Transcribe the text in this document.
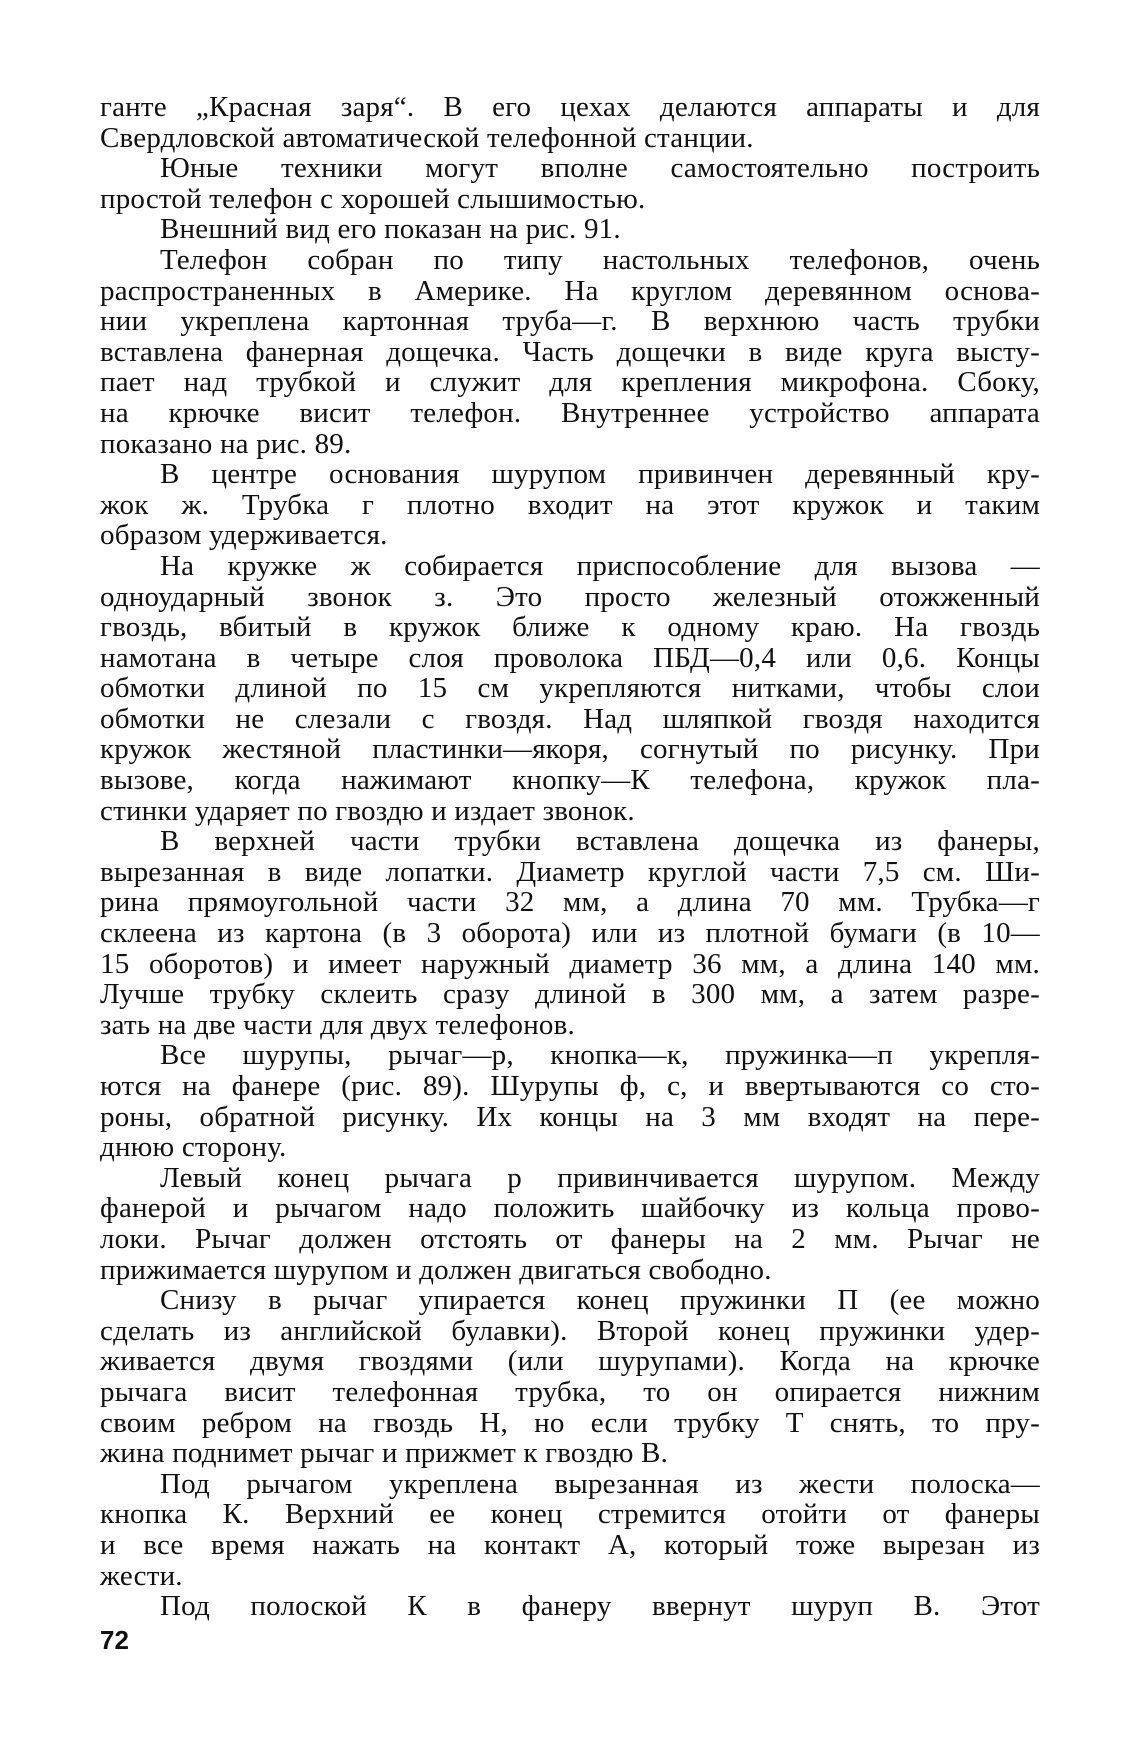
ганте „Красная заря“. В его цехах делаются аппараты и для
Свердловской автоматической телефонной станции.
Юные техники могут вполне самостоятельно построить
простой телефон с хорошей слышимостью.
Внешний вид его показан на рис. 91.
Телефон собран по типу настольных телефонов, очень
распространенных в Америке. На круглом деревянном основа-
нии укреплена картонная труба—г. В верхнюю часть трубки
вставлена фанерная дощечка. Часть дощечки в виде круга высту-
пает над трубкой и служит для крепления микрофона. Сбоку,
на крючке висит телефон. Внутреннее устройство аппарата
показано на рис. 89.
В центре основания шурупом привинчен деревянный кру-
жок ж. Трубка г плотно входит на этот кружок и таким
образом удерживается.
На кружке ж собирается приспособление для вызова —
одноударный звонок з. Это просто железный отожженный
гвоздь, вбитый в кружок ближе к одному краю. На гвоздь
намотана в четыре слоя проволока ПБД—0,4 или 0,6. Концы
обмотки длиной по 15 см укрепляются нитками, чтобы слои
обмотки не слезали с гвоздя. Над шляпкой гвоздя находится
кружок жестяной пластинки—якоря, согнутый по рисунку. При
вызове, когда нажимают кнопку—К телефона, кружок пла-
стинки ударяет по гвоздю и издает звонок.
В верхней части трубки вставлена дощечка из фанеры,
вырезанная в виде лопатки. Диаметр круглой части 7,5 см. Ши-
рина прямоугольной части 32 мм, а длина 70 мм. Трубка—г
склеена из картона (в 3 оборота) или из плотной бумаги (в 10—
15 оборотов) и имеет наружный диаметр 36 мм, а длина 140 мм.
Лучше трубку склеить сразу длиной в 300 мм, а затем разре-
зать на две части для двух телефонов.
Все шурупы, рычаг—р, кнопка—к, пружинка—п укрепля-
ются на фанере (рис. 89). Шурупы ф, с, и ввертываются со сто-
роны, обратной рисунку. Их концы на 3 мм входят на пере-
днюю сторону.
Левый конец рычага р привинчивается шурупом. Между
фанерой и рычагом надо положить шайбочку из кольца прово-
локи. Рычаг должен отстоять от фанеры на 2 мм. Рычаг не
прижимается шурупом и должен двигаться свободно.
Снизу в рычаг упирается конец пружинки П (ее можно
сделать из английской булавки). Второй конец пружинки удер-
живается двумя гвоздями (или шурупами). Когда на крючке
рычага висит телефонная трубка, то он опирается нижним
своим ребром на гвоздь Н, но если трубку Т снять, то пру-
жина поднимет рычаг и прижмет к гвоздю В.
Под рычагом укреплена вырезанная из жести полоска—
кнопка К. Верхний ее конец стремится отойти от фанеры
и все время нажать на контакт А, который тоже вырезан из
жести.
Под полоской К в фанеру ввернут шуруп В. Этот
72
